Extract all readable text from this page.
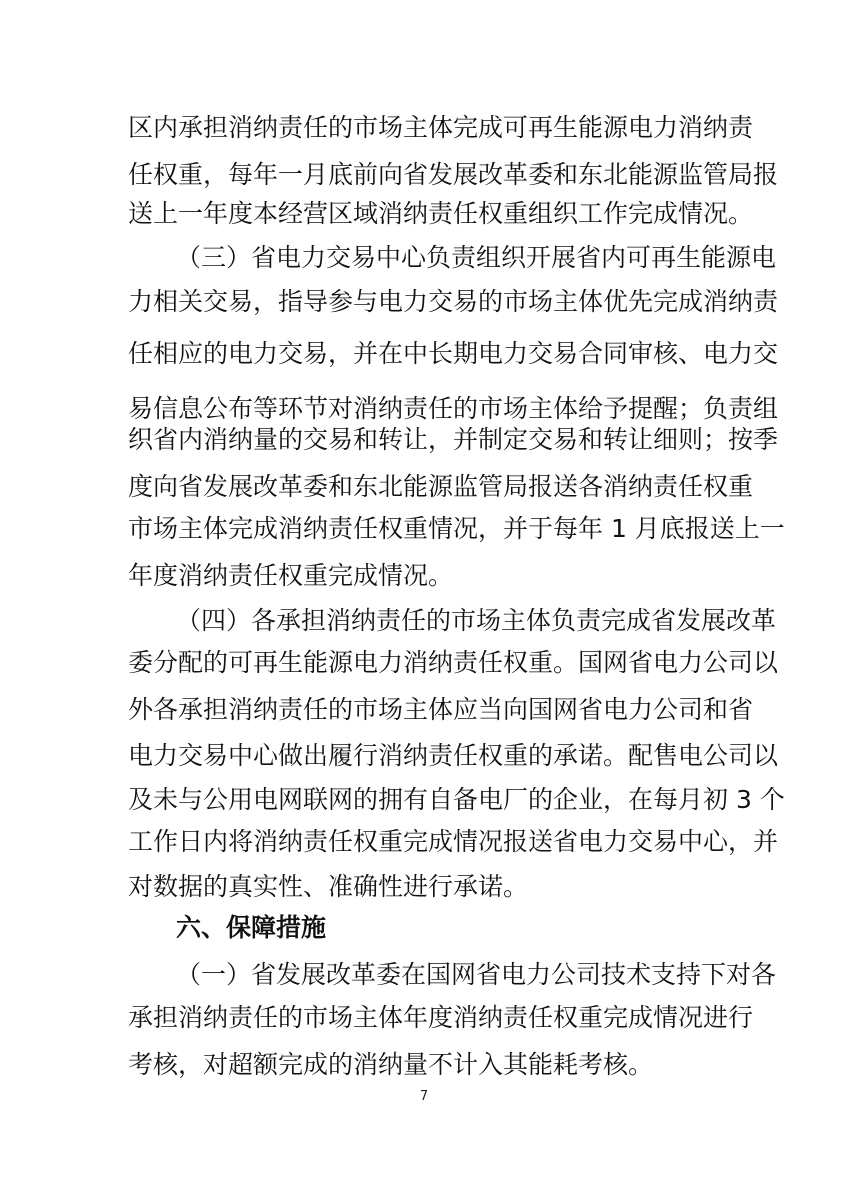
区内承担消纳责任的市场主体完成可再生能源电力消纳责
任权重，每年一月底前向省发展改革委和东北能源监管局报
送上一年度本经营区域消纳责任权重组织工作完成情况。
（三）省电力交易中心负责组织开展省内可再生能源电
力相关交易，指导参与电力交易的市场主体优先完成消纳责
任相应的电力交易，并在中长期电力交易合同审核、电力交
易信息公布等环节对消纳责任的市场主体给予提醒；负责组
织省内消纳量的交易和转让，并制定交易和转让细则；按季
度向省发展改革委和东北能源监管局报送各消纳责任权重
市场主体完成消纳责任权重情况，并于每年 1 月底报送上一
年度消纳责任权重完成情况。
（四）各承担消纳责任的市场主体负责完成省发展改革
委分配的可再生能源电力消纳责任权重。国网省电力公司以
外各承担消纳责任的市场主体应当向国网省电力公司和省
电力交易中心做出履行消纳责任权重的承诺。配售电公司以
及未与公用电网联网的拥有自备电厂的企业，在每月初 3 个
工作日内将消纳责任权重完成情况报送省电力交易中心，并
对数据的真实性、准确性进行承诺。
六、保障措施
（一）省发展改革委在国网省电力公司技术支持下对各
承担消纳责任的市场主体年度消纳责任权重完成情况进行
考核，对超额完成的消纳量不计入其能耗考核。
7
